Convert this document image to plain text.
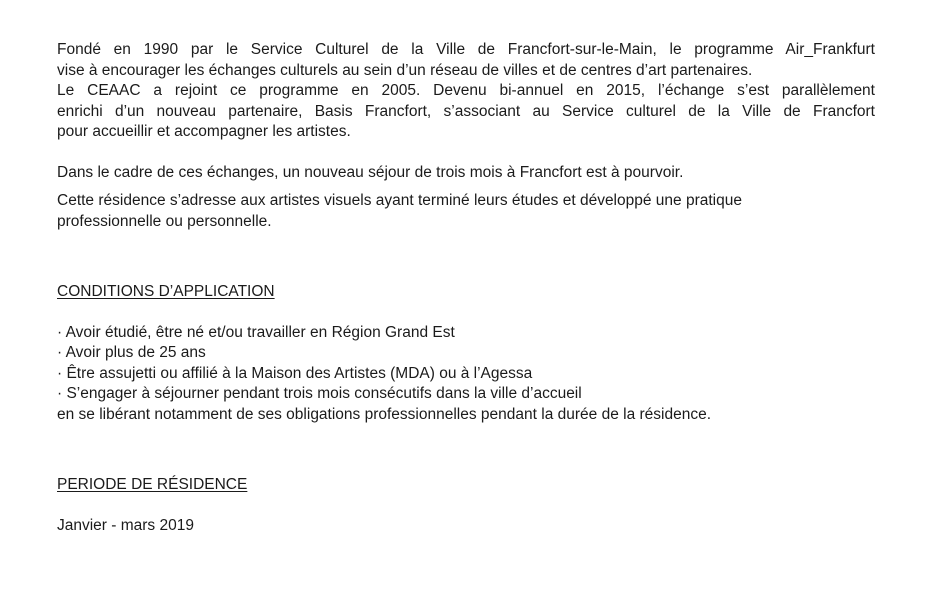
Fondé en 1990 par le Service Culturel de la Ville de Francfort-sur-le-Main, le programme Air_Frankfurt
vise à encourager les échanges culturels au sein d’un réseau de villes et de centres d’art partenaires.
Le CEAAC a rejoint ce programme en 2005. Devenu bi-annuel en 2015, l’échange s’est parallèlement
enrichi d’un nouveau partenaire, Basis Francfort, s’associant au Service culturel de la Ville de Francfort
pour accueillir et accompagner les artistes.

Dans le cadre de ces échanges, un nouveau séjour de trois mois à Francfort est à pourvoir.

Cette résidence s’adresse aux artistes visuels ayant terminé leurs études et développé une pratique
professionnelle ou personnelle.

CONDITIONS D’APPLICATION

· Avoir étudié, être né et/ou travailler en Région Grand Est
· Avoir plus de 25 ans
· Être assujetti ou affilié à la Maison des Artistes (MDA) ou à l’Agessa
· S’engager à séjourner pendant trois mois consécutifs dans la ville d’accueil
en se libérant notamment de ses obligations professionnelles pendant la durée de la résidence.

PERIODE DE RÉSIDENCE

Janvier - mars 2019
